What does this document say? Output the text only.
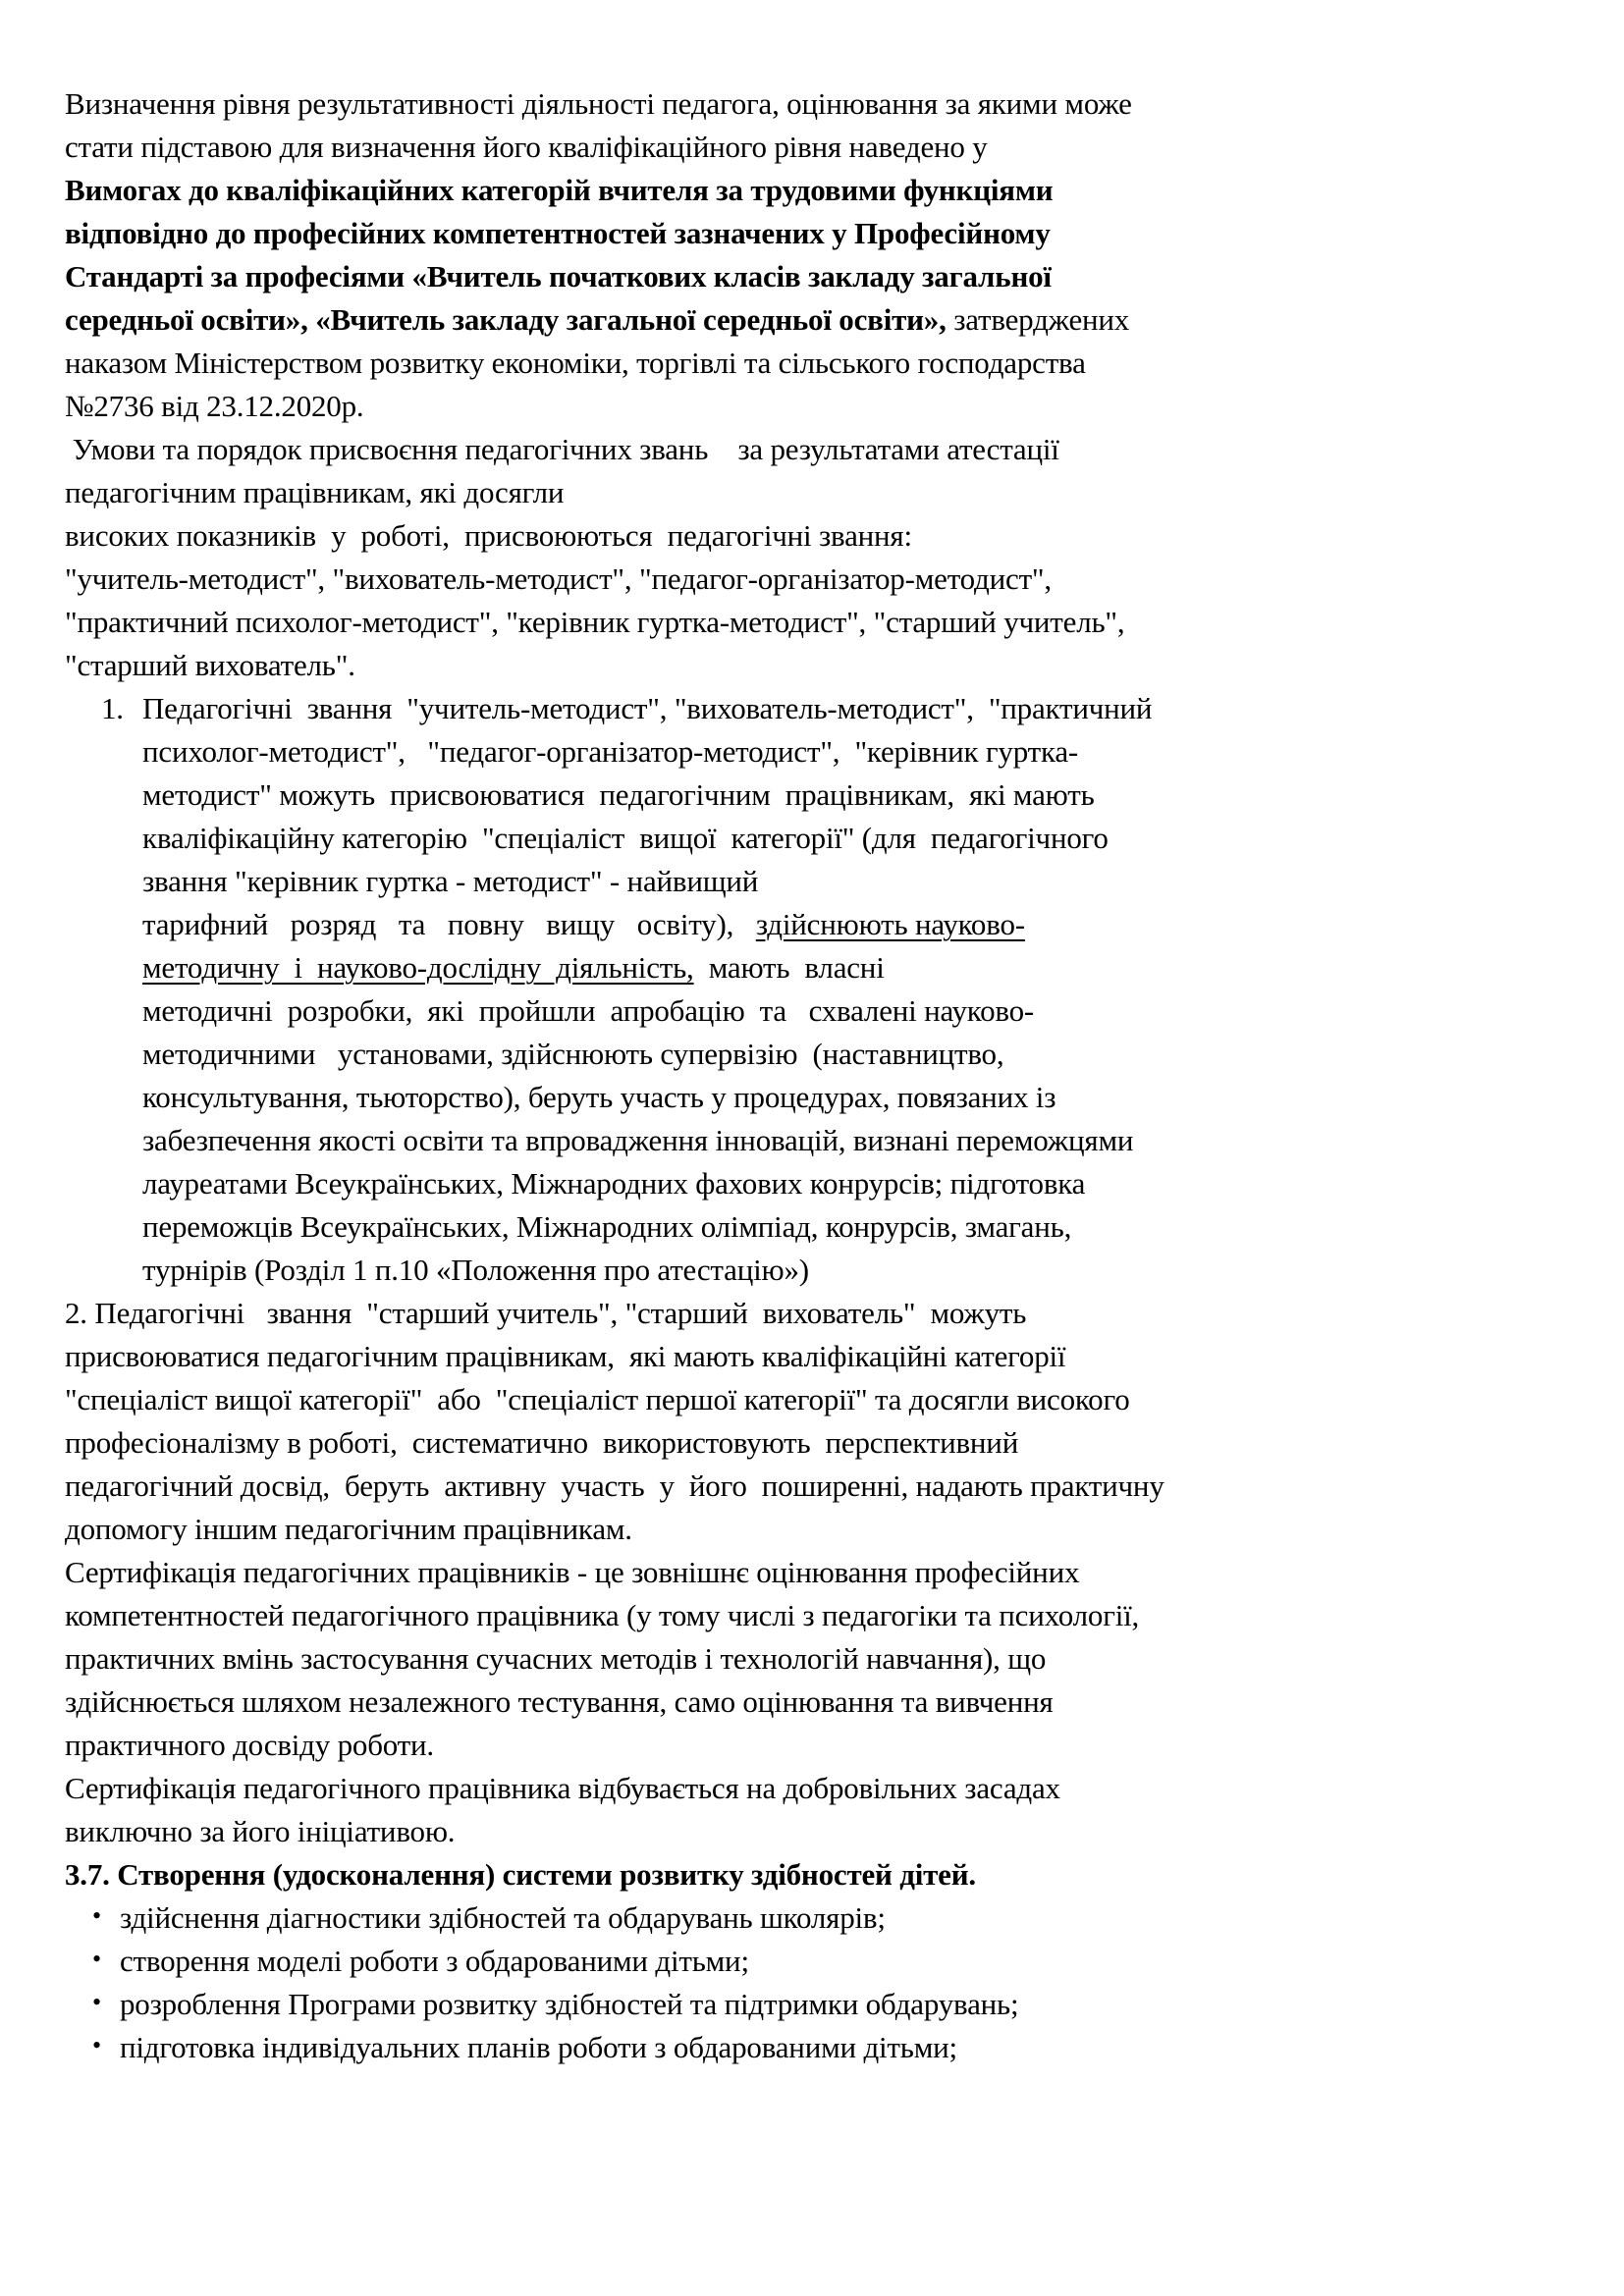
Визначення рівня результативності діяльності педагога, оцінювання за якими може
стати підставою для визначення його кваліфікаційного рівня наведено у
Вимогах до кваліфікаційних категорій вчителя за трудовими функціями
відповідно до професійних компетентностей зазначених у Професійному
Стандарті за професіями «Вчитель початкових класів закладу загальної
середньої освіти», «Вчитель закладу загальної середньої освіти», затверджених
наказом Міністерством розвитку економіки, торгівлі та сільського господарства
№2736 від 23.12.2020р.
Умови та порядок присвоєння педагогічних звань    за результатами атестації
педагогічним працівникам, які досягли
високих показників  у  роботі,  присвоюються  педагогічні звання:
"учитель-методист", "вихователь-методист", "педагог-організатор-методист",
"практичний психолог-методист", "керівник гуртка-методист", "старший учитель",
"старший вихователь".
1. Педагогічні  звання  "учитель-методист", "вихователь-методист",  "практичний
психолог-методист",   "педагог-організатор-методист",  "керівник гуртка-
методист" можуть  присвоюватися  педагогічним  працівникам,  які мають
кваліфікаційну категорію  "спеціаліст  вищої  категорії" (для  педагогічного
звання "керівник гуртка - методист" - найвищий
тарифний   розряд   та   повну   вищу   освіту),   здійснюють науково-
методичну  і  науково-дослідну  діяльність,  мають  власні
методичні  розробки,  які  пройшли  апробацію  та   схвалені науково-
методичними   установами, здійснюють супервізію  (наставництво,
консультування, тьюторство), беруть участь у процедурах, повязаних із
забезпечення якості освіти та впровадження інновацій, визнані переможцями
лауреатами Всеукраїнських, Міжнародних фахових конрурсів; підготовка
переможців Всеукраїнських, Міжнародних олімпіад, конрурсів, змагань,
турнірів (Розділ 1 п.10 «Положення про атестацію»)
2. Педагогічні   звання  "старший учитель", "старший  вихователь"  можуть
присвоюватися педагогічним працівникам,  які мають кваліфікаційні категорії
"спеціаліст вищої категорії"  або  "спеціаліст першої категорії" та досягли високого
професіоналізму в роботі,  систематично  використовують  перспективний
педагогічний досвід,  беруть  активну  участь  у  його  поширенні, надають практичну
допомогу іншим педагогічним працівникам.
Сертифікація педагогічних працівників - це зовнішнє оцінювання професійних
компетентностей педагогічного працівника (у тому числі з педагогіки та психології,
практичних вмінь застосування сучасних методів і технологій навчання), що
здійснюється шляхом незалежного тестування, само оцінювання та вивчення
практичного досвіду роботи.
Сертифікація педагогічного працівника відбувається на добровільних засадах
виключно за його ініціативою.
3.7. Створення (удосконалення) системи розвитку здібностей дітей.
• здійснення діагностики здібностей та обдарувань школярів;
• створення моделі роботи з обдарованими дітьми;
• розроблення Програми розвитку здібностей та підтримки обдарувань;
• підготовка індивідуальних планів роботи з обдарованими дітьми;
